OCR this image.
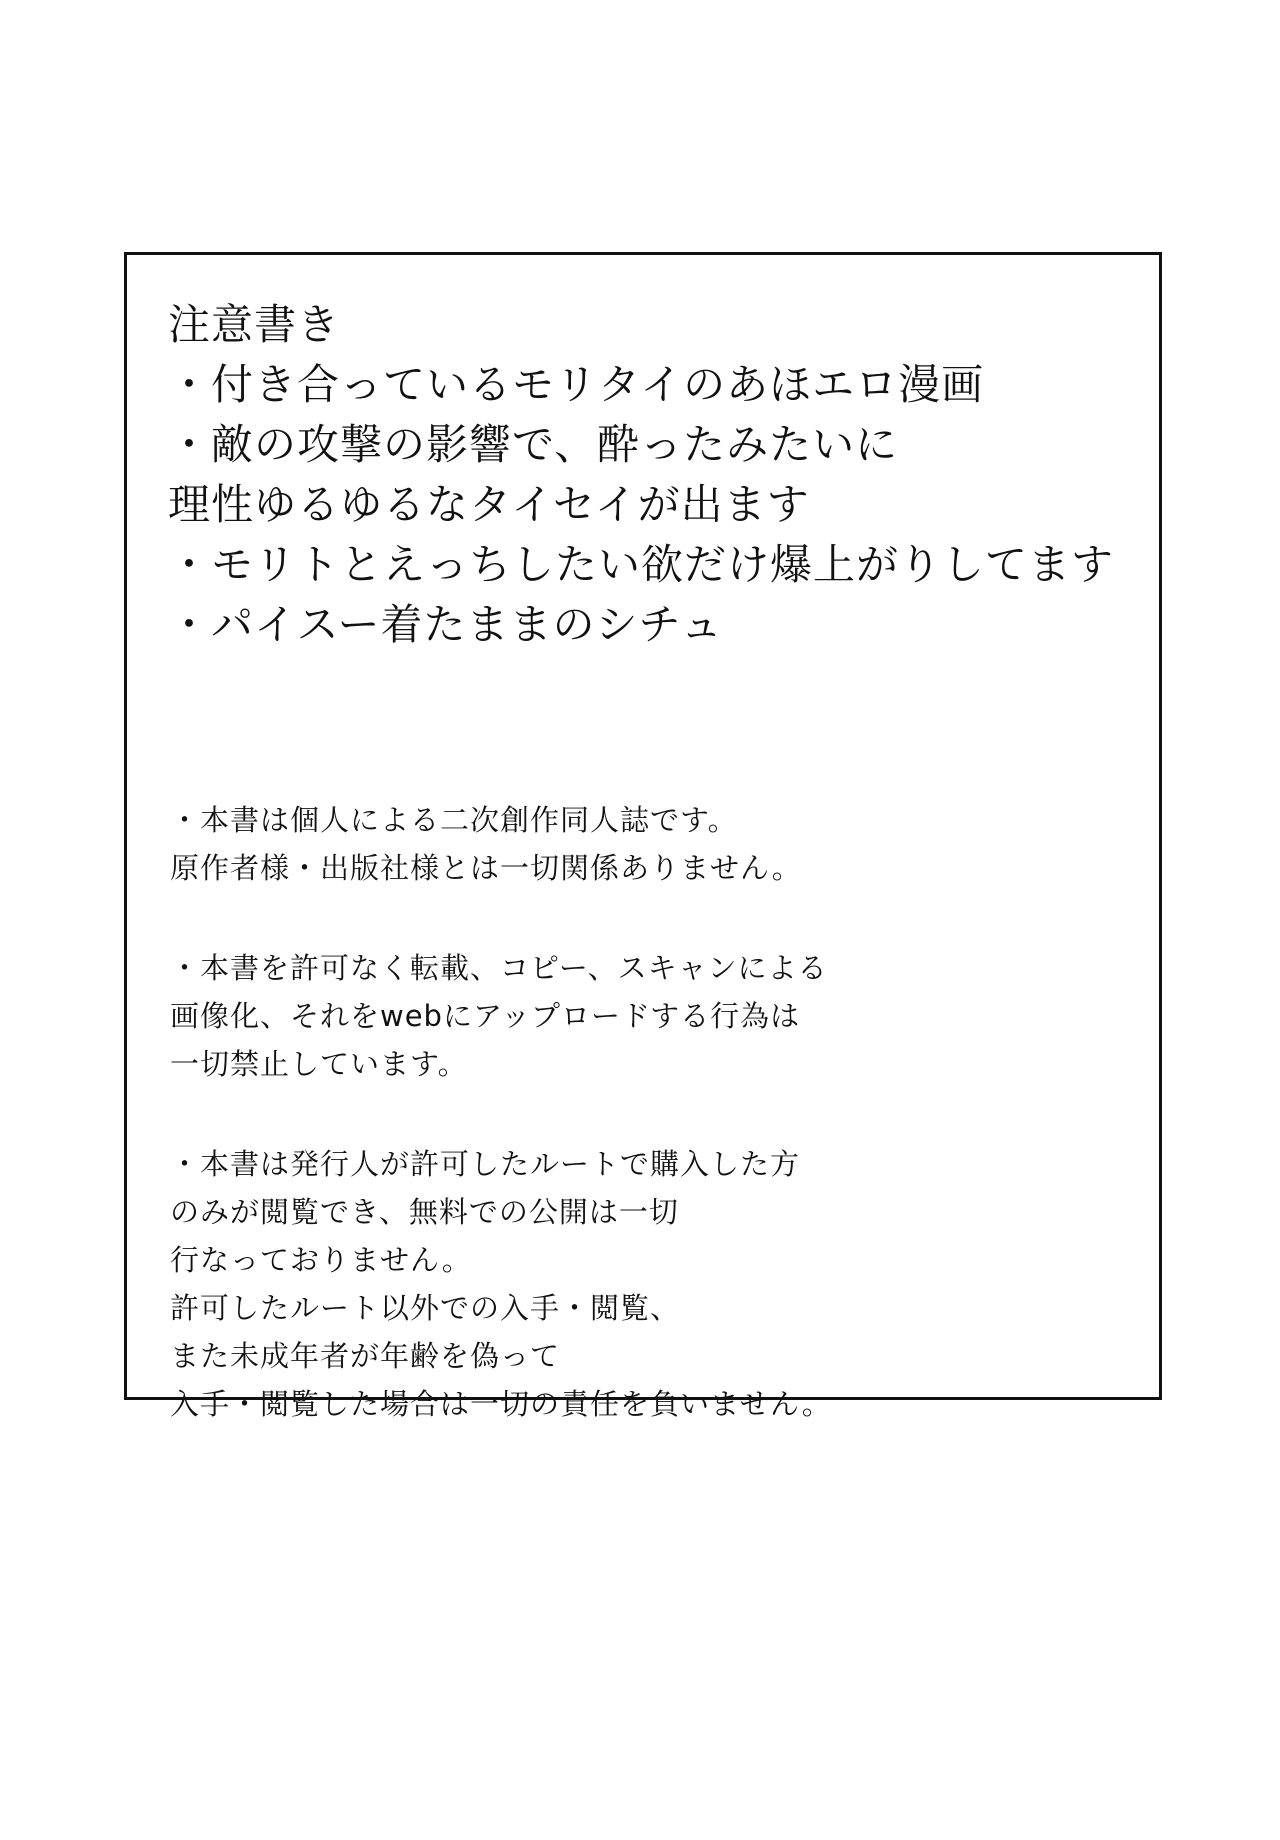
注意書き
・付き合っているモリタイのあほエロ漫画
・敵の攻撃の影響で、酔ったみたいに
理性ゆるゆるなタイセイが出ます
・モリトとえっちしたい欲だけ爆上がりしてます
・パイスー着たままのシチュ
・本書は個人による二次創作同人誌です。
原作者様・出版社様とは一切関係ありません。
・本書を許可なく転載、コピー、スキャンによる
画像化、それをwebにアップロードする行為は
一切禁止しています。
・本書は発行人が許可したルートで購入した方
のみが閲覧でき、無料での公開は一切
行なっておりません。
許可したルート以外での入手・閲覧、
また未成年者が年齢を偽って
入手・閲覧した場合は一切の責任を負いません。
